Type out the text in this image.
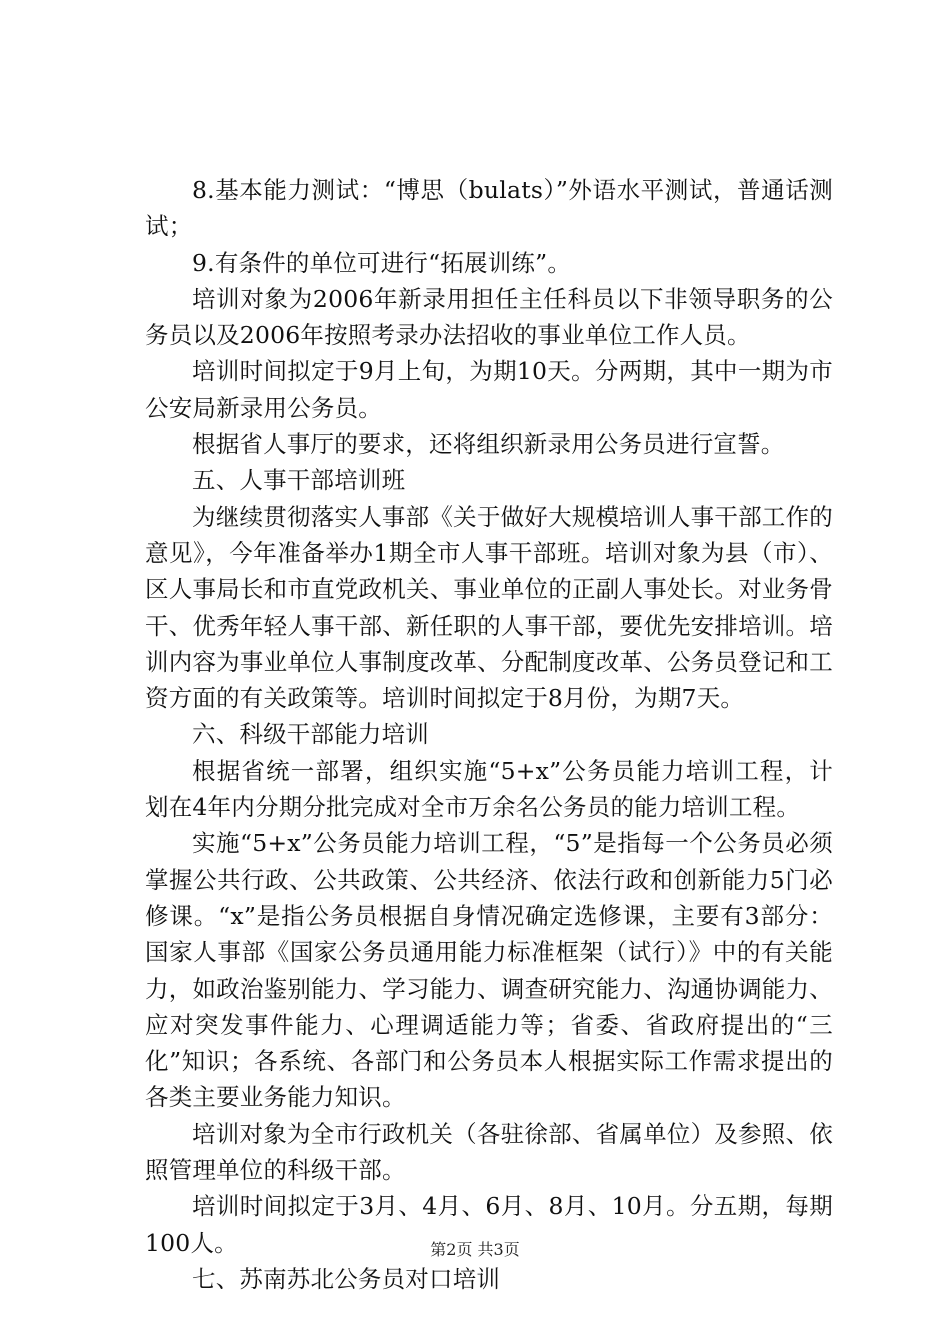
8.基本能力测试：“博思（bulats）”外语水平测试，普通话测试；

9.有条件的单位可进行“拓展训练”。

培训对象为2006年新录用担任主任科员以下非领导职务的公务员以及2006年按照考录办法招收的事业单位工作人员。

培训时间拟定于9月上旬，为期10天。分两期，其中一期为市公安局新录用公务员。

根据省人事厅的要求，还将组织新录用公务员进行宣誓。

五、人事干部培训班

为继续贯彻落实人事部《关于做好大规模培训人事干部工作的意见》，今年准备举办1期全市人事干部班。培训对象为县（市）、区人事局长和市直党政机关、事业单位的正副人事处长。对业务骨干、优秀年轻人事干部、新任职的人事干部，要优先安排培训。培训内容为事业单位人事制度改革、分配制度改革、公务员登记和工资方面的有关政策等。培训时间拟定于8月份，为期7天。

六、科级干部能力培训

根据省统一部署，组织实施“5+x”公务员能力培训工程，计划在4年内分期分批完成对全市万余名公务员的能力培训工程。

实施“5+x”公务员能力培训工程，“5”是指每一个公务员必须掌握公共行政、公共政策、公共经济、依法行政和创新能力5门必修课。“x”是指公务员根据自身情况确定选修课，主要有3部分：国家人事部《国家公务员通用能力标准框架（试行）》中的有关能力，如政治鉴别能力、学习能力、调查研究能力、沟通协调能力、应对突发事件能力、心理调适能力等；省委、省政府提出的“三化”知识；各系统、各部门和公务员本人根据实际工作需求提出的各类主要业务能力知识。

培训对象为全市行政机关（各驻徐部、省属单位）及参照、依照管理单位的科级干部。

培训时间拟定于3月、4月、6月、8月、10月。分五期，每期100人。

七、苏南苏北公务员对口培训

第2页 共3页
